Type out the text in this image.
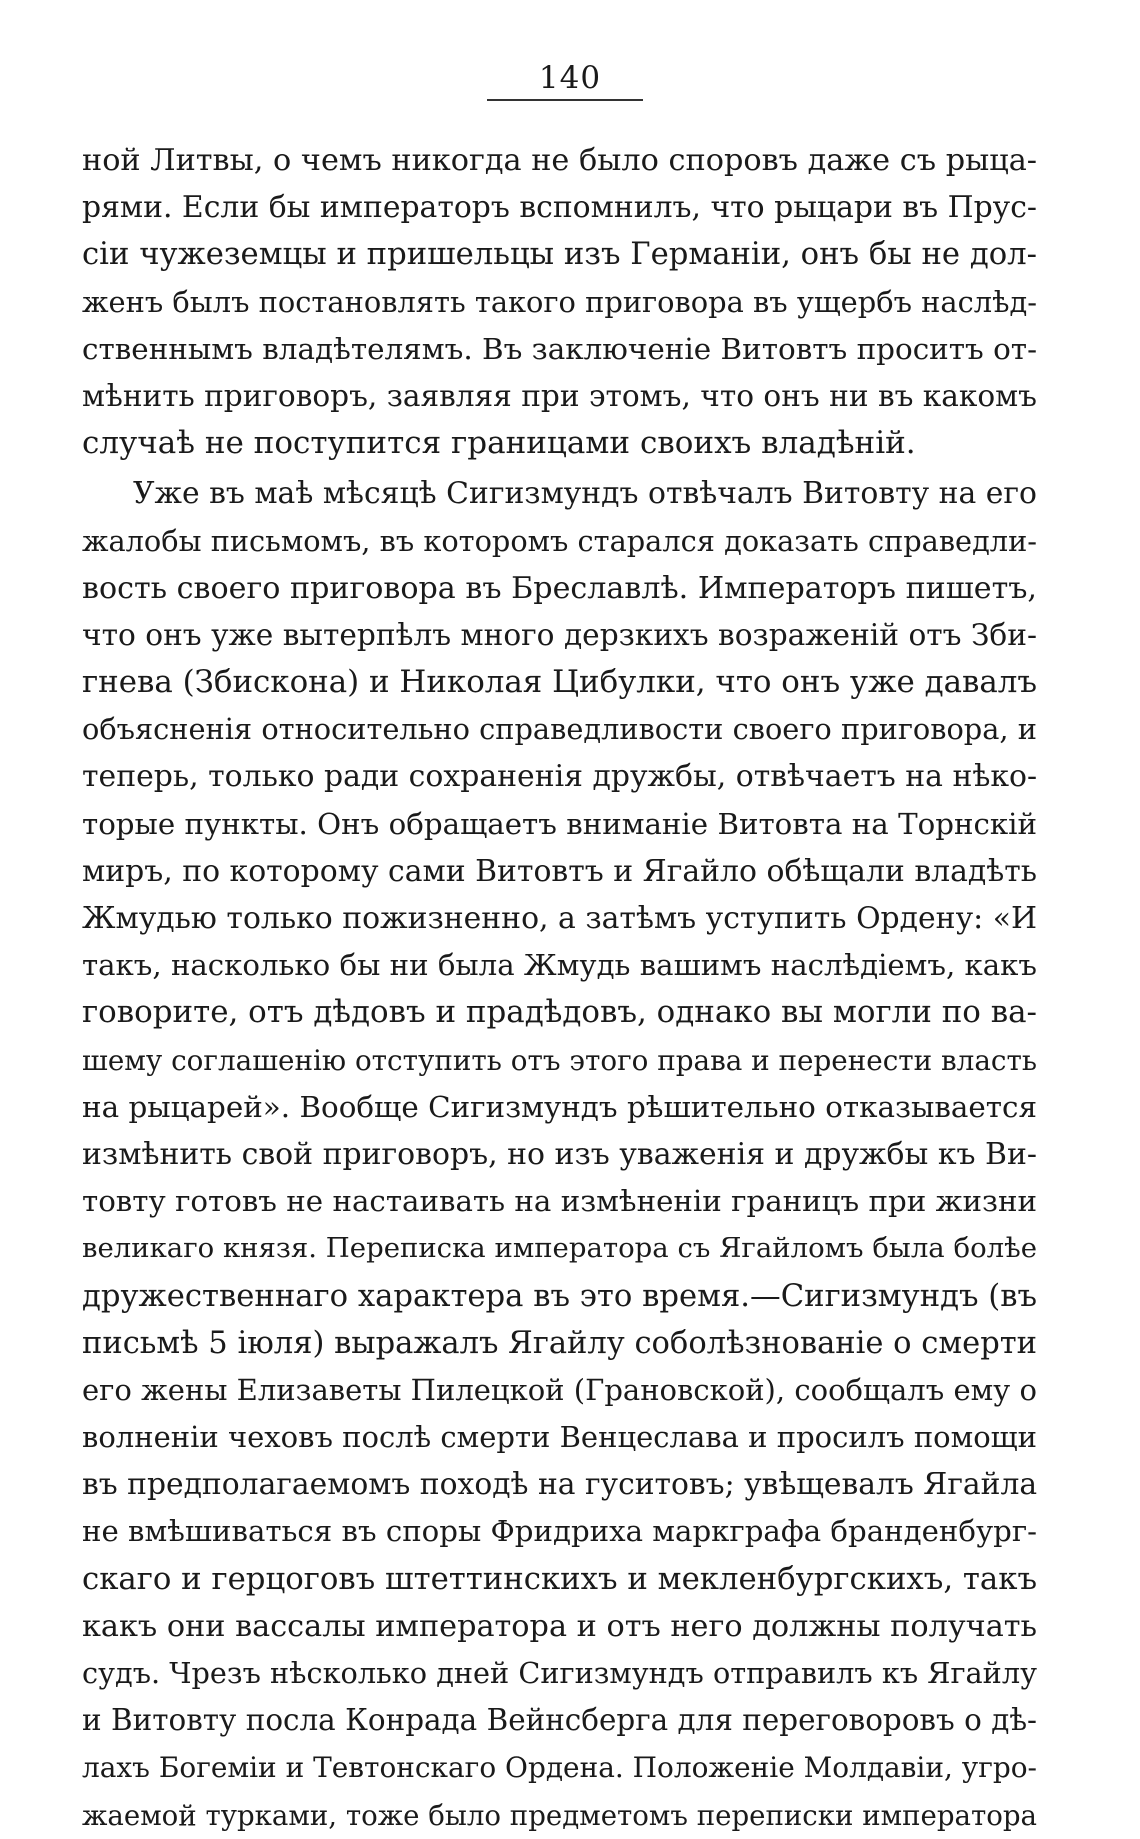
140
ной Литвы, о чемъ никогда не было споровъ даже съ рыца-
рями. Если бы императоръ вспомнилъ, что рыцари въ Прус-
сіи чужеземцы и пришельцы изъ Германіи, онъ бы не дол-
женъ былъ постановлять такого приговора въ ущербъ наслѣд-
ственнымъ владѣтелямъ. Въ заключеніе Витовтъ проситъ от-
мѣнить приговоръ, заявляя при этомъ, что онъ ни въ какомъ
случаѣ не поступится границами своихъ владѣній.
Уже въ маѣ мѣсяцѣ Сигизмундъ отвѣчалъ Витовту на его
жалобы письмомъ, въ которомъ старался доказать справедли-
вость своего приговора въ Бреславлѣ. Императоръ пишетъ,
что онъ уже вытерпѣлъ много дерзкихъ возраженій отъ Зби-
гнева (Збискона) и Николая Цибулки, что онъ уже давалъ
объясненія относительно справедливости своего приговора, и
теперь, только ради сохраненія дружбы, отвѣчаетъ на нѣко-
торые пункты. Онъ обращаетъ вниманіе Витовта на Торнскій
миръ, по которому сами Витовтъ и Ягайло обѣщали владѣть
Жмудью только пожизненно, а затѣмъ уступить Ордену: «И
такъ, насколько бы ни была Жмудь вашимъ наслѣдіемъ, какъ
говорите, отъ дѣдовъ и прадѣдовъ, однако вы могли по ва-
шему соглашенію отступить отъ этого права и перенести власть
на рыцарей». Вообще Сигизмундъ рѣшительно отказывается
измѣнить свой приговоръ, но изъ уваженія и дружбы къ Ви-
товту готовъ не настаивать на измѣненіи границъ при жизни
великаго князя. Переписка императора съ Ягайломъ была болѣе
дружественнаго характера въ это время.—Сигизмундъ (въ
письмѣ 5 іюля) выражалъ Ягайлу соболѣзнованіе о смерти
его жены Елизаветы Пилецкой (Грановской), сообщалъ ему о
волненіи чеховъ послѣ смерти Венцеслава и просилъ помощи
въ предполагаемомъ походѣ на гуситовъ; увѣщевалъ Ягайла
не вмѣшиваться въ споры Фридриха маркграфа бранденбург-
скаго и герцоговъ штеттинскихъ и мекленбургскихъ, такъ
какъ они вассалы императора и отъ него должны получать
судъ. Чрезъ нѣсколько дней Сигизмундъ отправилъ къ Ягайлу
и Витовту посла Конрада Вейнсберга для переговоровъ о дѣ-
лахъ Богеміи и Тевтонскаго Ордена. Положеніе Молдавіи, угро-
жаемой турками, тоже было предметомъ переписки императора
